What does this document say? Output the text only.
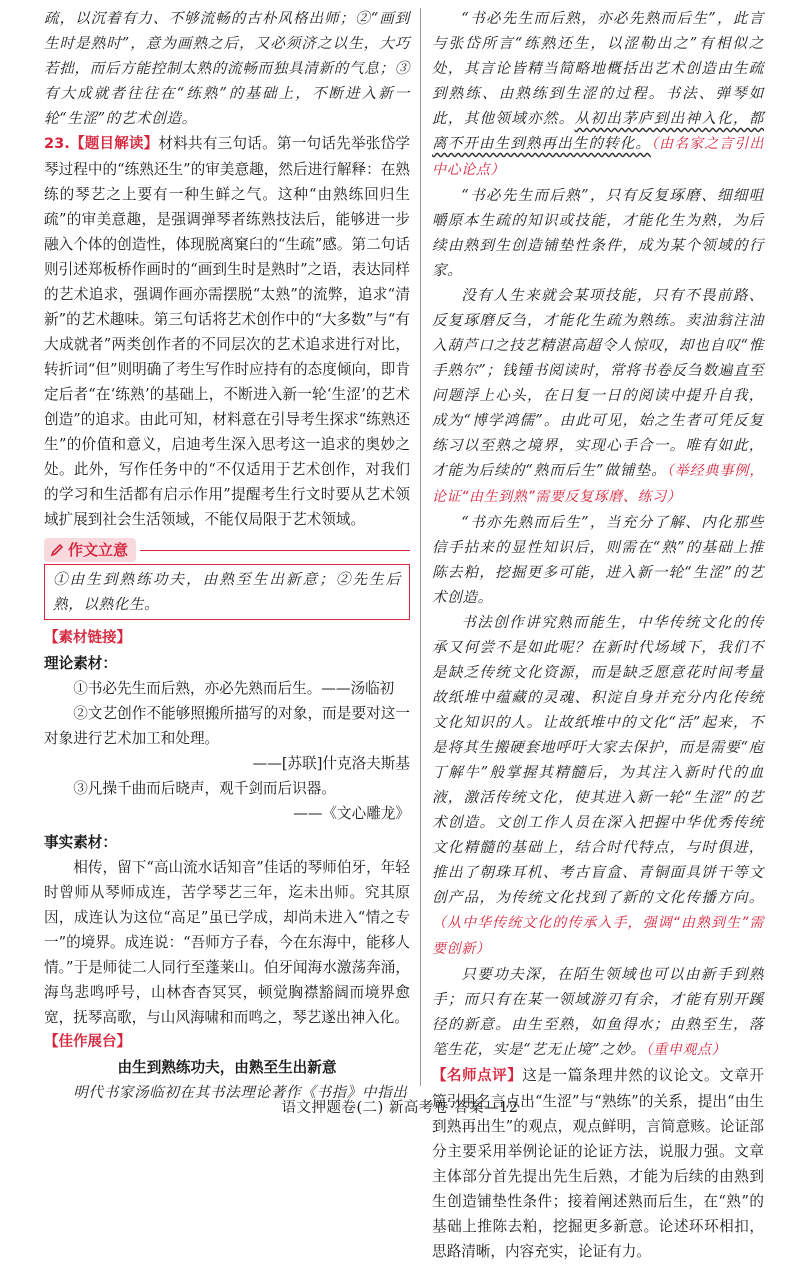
疏，以沉着有力、不够流畅的古朴风格出师；②“画到生时是熟时”，意为画熟之后，又必须济之以生，大巧若拙，而后方能控制太熟的流畅而独具清新的气息；③有大成就者往往在“练熟”的基础上，不断进入新一轮“生涩”的艺术创造。

23.【题目解读】材料共有三句话。第一句话先举张岱学琴过程中的“练熟还生”的审美意趣，然后进行解释：在熟练的琴艺之上要有一种生鲜之气。这种“由熟练回归生疏”的审美意趣，是强调弹琴者练熟技法后，能够进一步融入个体的创造性，体现脱离窠臼的“生疏”感。第二句话则引述郑板桥作画时的“画到生时是熟时”之语，表达同样的艺术追求，强调作画亦需摆脱“太熟”的流弊，追求“清新”的艺术趣味。第三句话将艺术创作中的“大多数”与“有大成就者”两类创作者的不同层次的艺术追求进行对比，转折词“但”则明确了考生写作时应持有的态度倾向，即肯定后者“在‘练熟’的基础上，不断进入新一轮‘生涩’的艺术创造”的追求。由此可知，材料意在引导考生探求“练熟还生”的价值和意义，启迪考生深入思考这一追求的奥妙之处。此外，写作任务中的“不仅适用于艺术创作，对我们的学习和生活都有启示作用”提醒考生行文时要从艺术领域扩展到社会生活领域，不能仅局限于艺术领域。

作文立意

①由生到熟练功夫，由熟至生出新意；②先生后熟，以熟化生。

【素材链接】

理论素材：

①书必先生而后熟，亦必先熟而后生。——汤临初

②文艺创作不能够照搬所描写的对象，而是要对这一对象进行艺术加工和处理。

——[苏联]什克洛夫斯基

③凡操千曲而后晓声，观千剑而后识器。

——《文心雕龙》

事实素材：

相传，留下“高山流水话知音”佳话的琴师伯牙，年轻时曾师从琴师成连，苦学琴艺三年，迄未出师。究其原因，成连认为这位“高足”虽已学成，却尚未进入“情之专一”的境界。成连说：“吾师方子春，今在东海中，能移人情。”于是师徒二人同行至蓬莱山。伯牙闻海水激荡奔涌，海鸟悲鸣呼号，山林杳杳冥冥，顿觉胸襟豁阔而境界愈宽，抚琴高歌，与山风海啸和而鸣之，琴艺遂出神入化。

【佳作展台】

由生到熟练功夫，由熟至生出新意

明代书家汤临初在其书法理论著作《书指》中指出

“书必先生而后熟，亦必先熟而后生”，此言与张岱所言“练熟还生，以涩勒出之”有相似之处，其言论皆精当简略地概括出艺术创造由生疏到熟练、由熟练到生涩的过程。书法、弹琴如此，其他领域亦然。从初出茅庐到出神入化，都离不开由生到熟再出生的转化。（由名家之言引出中心论点）

“书必先生而后熟”，只有反复琢磨、细细咀嚼原本生疏的知识或技能，才能化生为熟，为后续由熟到生创造铺垫性条件，成为某个领域的行家。

没有人生来就会某项技能，只有不畏前路、反复琢磨反刍，才能化生疏为熟练。卖油翁注油入葫芦口之技艺精湛高超令人惊叹，却也自叹“惟手熟尔”；钱锺书阅读时，常将书卷反刍数遍直至问题浮上心头，在日复一日的阅读中提升自我，成为“博学鸿儒”。由此可见，始之生者可凭反复练习以至熟之境界，实现心手合一。唯有如此，才能为后续的“熟而后生”做铺垫。（举经典事例，论证“由生到熟”需要反复琢磨、练习）

“书亦先熟而后生”，当充分了解、内化那些信手拈来的显性知识后，则需在“熟”的基础上推陈去粕，挖掘更多可能，进入新一轮“生涩”的艺术创造。

书法创作讲究熟而能生，中华传统文化的传承又何尝不是如此呢？在新时代场域下，我们不是缺乏传统文化资源，而是缺乏愿意花时间考量故纸堆中蕴藏的灵魂、积淀自身并充分内化传统文化知识的人。让故纸堆中的文化“活”起来，不是将其生搬硬套地呼吁大家去保护，而是需要“庖丁解牛”般掌握其精髓后，为其注入新时代的血液，激活传统文化，使其进入新一轮“生涩”的艺术创造。文创工作人员在深入把握中华优秀传统文化精髓的基础上，结合时代特点，与时俱进，推出了朝珠耳机、考古盲盒、青铜面具饼干等文创产品，为传统文化找到了新的文化传播方向。（从中华传统文化的传承入手，强调“由熟到生”需要创新）

只要功夫深，在陌生领域也可以由新手到熟手；而只有在某一领域游刃有余，才能有别开蹊径的新意。由生至熟，如鱼得水；由熟至生，落笔生花，实是“艺无止境”之妙。（重申观点）

【名师点评】这是一篇条理井然的议论文。文章开篇引用名言点出“生涩”与“熟练”的关系，提出“由生到熟再出生”的观点，观点鲜明，言简意赅。论证部分主要采用举例论证的论证方法，说服力强。文章主体部分首先提出先生后熟，才能为后续的由熟到生创造铺垫性条件；接着阐述熟而后生，在“熟”的基础上推陈去粕，挖掘更多新意。论述环环相扣，思路清晰，内容充实，论证有力。

语文押题卷(二) 新高考卷 答案—12
